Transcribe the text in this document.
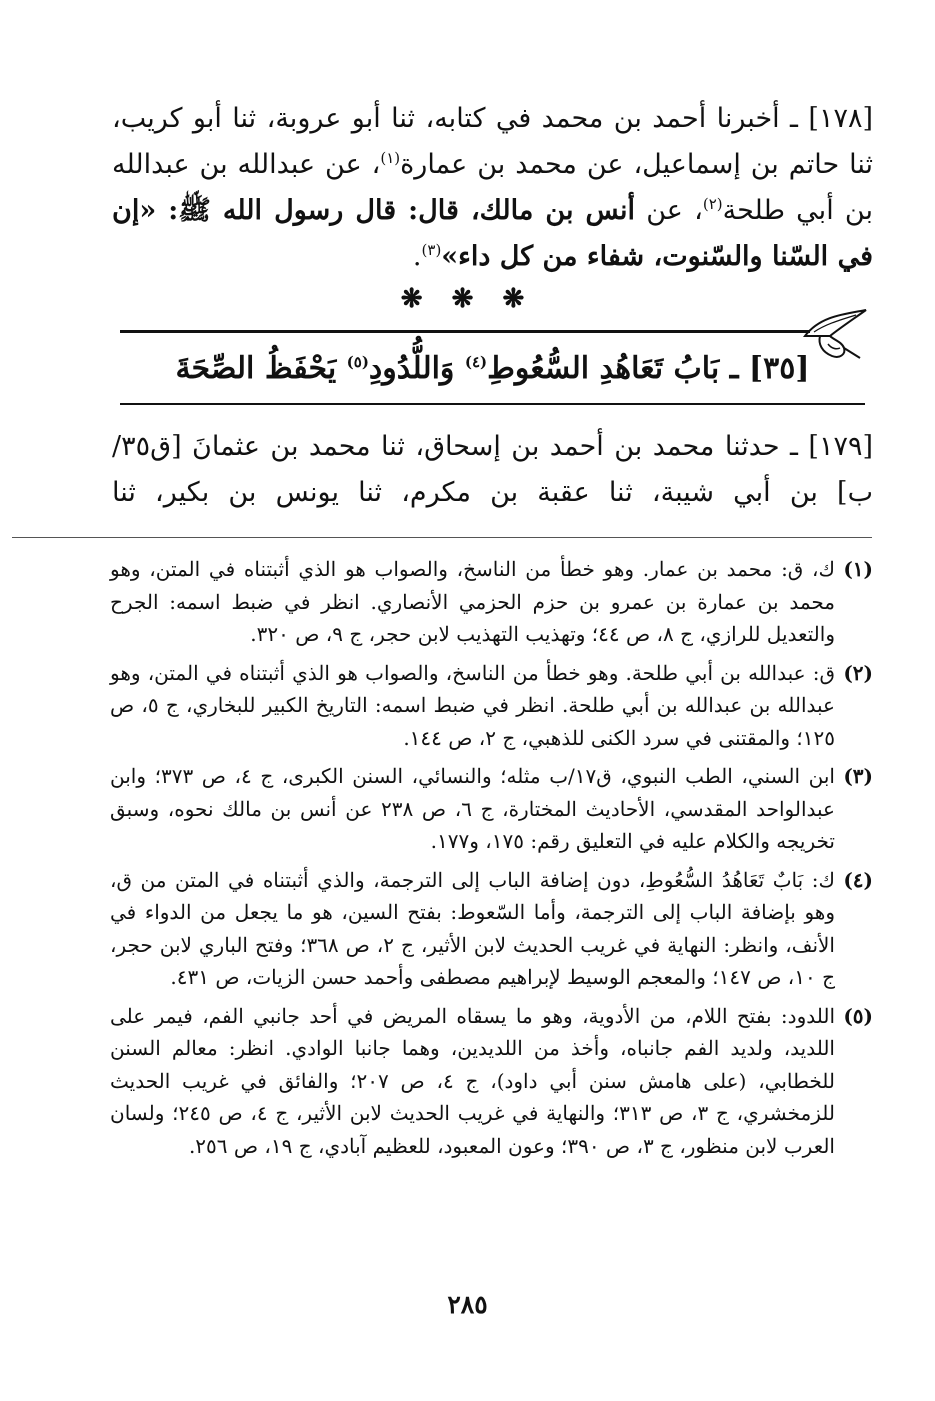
[١٧٨] ـ أخبرنا أحمد بن محمد في كتابه، ثنا أبو عروبة، ثنا أبو كريب، ثنا حاتم بن إسماعيل، عن محمد بن عمارة$^{(١)}$، عن عبدالله بن عبدالله بن أبي طلحة$^{(٢)}$، عن أنس بن مالك، قال: قال رسول الله ﷺ: «إن في السّنا والسّنوت، شفاء من كل داء»$^{(٣)}$.

❋ ❋ ❋
[٣٥] ـ بَابُ تَعَاهُدِ السُّعُوطِ$^{(٤)}$ وَاللُّدُودِ$^{(٥)}$ يَحْفَظُ الصِّحَةَ
[١٧٩] ـ حدثنا محمد بن أحمد بن إسحاق، ثنا محمد بن عثمانَ [ق٣٥/ب] بن أبي شيبة، ثنا عقبة بن مكرم، ثنا يونس بن بكير، ثنا
(١)
ك، ق: محمد بن عمار. وهو خطأ من الناسخ، والصواب هو الذي أثبتناه في المتن، وهو محمد بن عمارة بن عمرو بن حزم الحزمي الأنصاري. انظر في ضبط اسمه: الجرح والتعديل للرازي، ج ٨، ص ٤٤؛ وتهذيب التهذيب لابن حجر، ج ٩، ص ٣٢٠.
(٢)
ق: عبدالله بن أبي طلحة. وهو خطأ من الناسخ، والصواب هو الذي أثبتناه في المتن، وهو عبدالله بن عبدالله بن أبي طلحة. انظر في ضبط اسمه: التاريخ الكبير للبخاري، ج ٥، ص ١٢٥؛ والمقتنى في سرد الكنى للذهبي، ج ٢، ص ١٤٤.
(٣)
ابن السني، الطب النبوي، ق١٧/ب مثله؛ والنسائي، السنن الكبرى، ج ٤، ص ٣٧٣؛ وابن عبدالواحد المقدسي، الأحاديث المختارة، ج ٦، ص ٢٣٨ عن أنس بن مالك نحوه، وسبق تخريجه والكلام عليه في التعليق رقم: ١٧٥، و١٧٧.
(٤)
ك: بَابٌ تَعَاهُدُ السُّعُوطِ، دون إضافة الباب إلى الترجمة، والذي أثبتناه في المتن من ق، وهو بإضافة الباب إلى الترجمة، وأما السّعوط: بفتح السين، هو ما يجعل من الدواء في الأنف، وانظر: النهاية في غريب الحديث لابن الأثير، ج ٢، ص ٣٦٨؛ وفتح الباري لابن حجر، ج ١٠، ص ١٤٧؛ والمعجم الوسيط لإبراهيم مصطفى وأحمد حسن الزيات، ص ٤٣١.
(٥)
اللدود: بفتح اللام، من الأدوية، وهو ما يسقاه المريض في أحد جانبي الفم، فيمر على اللديد، ولديد الفم جانباه، وأخذ من اللديدين، وهما جانبا الوادي. انظر: معالم السنن للخطابي، (على هامش سنن أبي داود)، ج ٤، ص ٢٠٧؛ والفائق في غريب الحديث للزمخشري، ج ٣، ص ٣١٣؛ والنهاية في غريب الحديث لابن الأثير، ج ٤، ص ٢٤٥؛ ولسان العرب لابن منظور، ج ٣، ص ٣٩٠؛ وعون المعبود، للعظيم آبادي، ج ١٩، ص ٢٥٦.
٢٨٥
